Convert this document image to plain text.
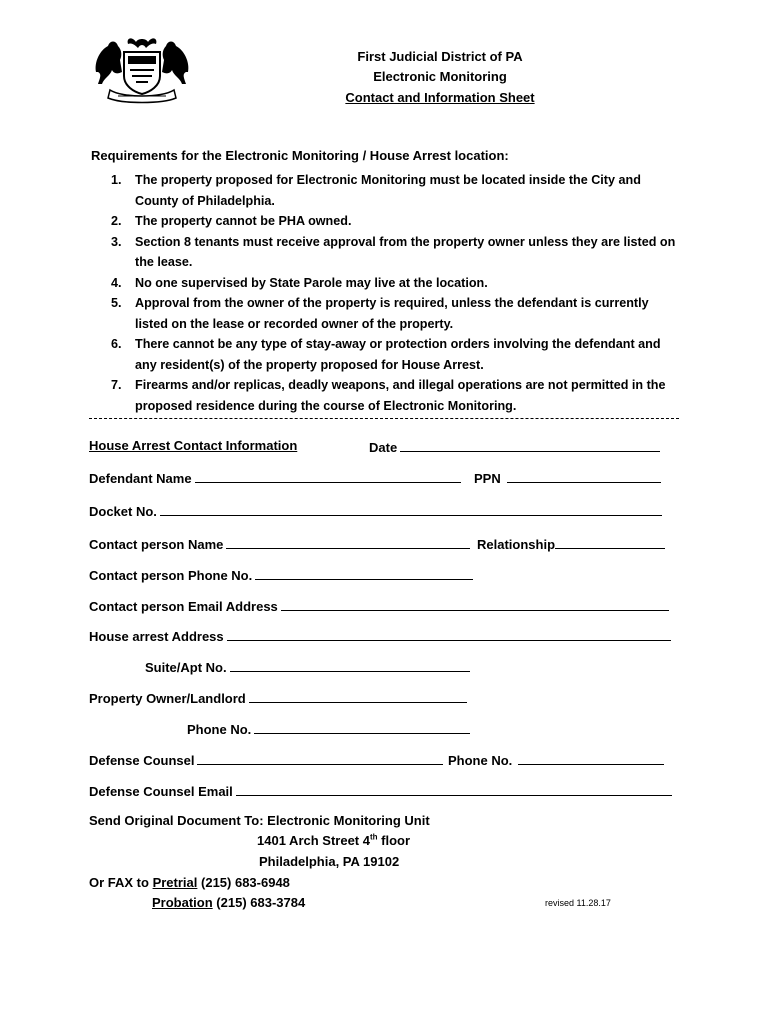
First Judicial District of PA
Electronic Monitoring
Contact and Information Sheet
Requirements for the Electronic Monitoring / House Arrest location:
1. The property proposed for Electronic Monitoring must be located inside the City and County of Philadelphia.
2. The property cannot be PHA owned.
3. Section 8 tenants must receive approval from the property owner unless they are listed on the lease.
4. No one supervised by State Parole may live at the location.
5. Approval from the owner of the property is required, unless the defendant is currently listed on the lease or recorded owner of the property.
6. There cannot be any type of stay-away or protection orders involving the defendant and any resident(s) of the property proposed for House Arrest.
7. Firearms and/or replicas, deadly weapons, and illegal operations are not permitted in the proposed residence during the course of Electronic Monitoring.
House Arrest Contact Information	Date
Defendant Name	PPN
Docket No.
Contact person Name	Relationship
Contact person Phone No.
Contact person Email Address
House arrest Address
Suite/Apt No.
Property Owner/Landlord
Phone No.
Defense Counsel	Phone No.
Defense Counsel Email
Send Original Document To: Electronic Monitoring Unit
1401 Arch Street 4th floor
Philadelphia, PA 19102
Or FAX to Pretrial (215) 683-6948
Probation (215) 683-3784	revised 11.28.17
